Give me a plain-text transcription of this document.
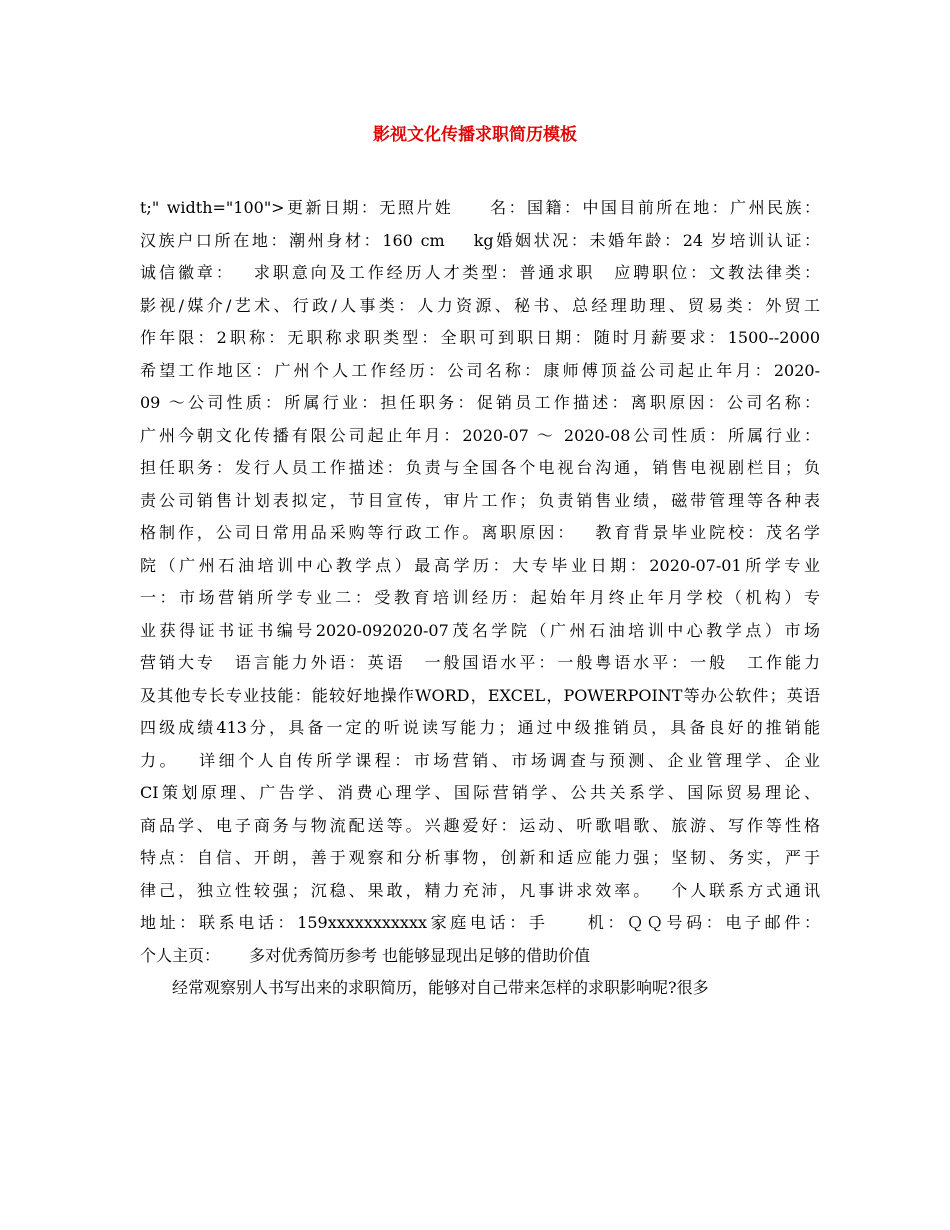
影视文化传播求职简历模板
t;" width="100">更新日期：无照片姓　　名：国籍：中国目前所在地：广州民族：
汉族户口所在地：潮州身材：160 cm　 kg婚姻状况：未婚年龄：24 岁培训认证：
诚信徽章：　 求职意向及工作经历人才类型：普通求职　应聘职位：文教法律类：
影视/媒介/艺术、行政/人事类：人力资源、秘书、总经理助理、贸易类：外贸工
作年限：2职称：无职称求职类型：全职可到职日期：随时月薪要求：1500--2000
希望工作地区：广州个人工作经历：公司名称：康师傅顶益公司起止年月：2020-
09 ～公司性质：所属行业：担任职务：促销员工作描述：离职原因：公司名称：
广州今朝文化传播有限公司起止年月：2020-07 ～ 2020-08公司性质：所属行业：
担任职务：发行人员工作描述：负责与全国各个电视台沟通，销售电视剧栏目；负
责公司销售计划表拟定，节目宣传，审片工作；负责销售业绩，磁带管理等各种表
格制作，公司日常用品采购等行政工作。离职原因：　 教育背景毕业院校：茂名学
院（广州石油培训中心教学点）最高学历：大专毕业日期：2020-07-01所学专业
一：市场营销所学专业二：受教育培训经历：起始年月终止年月学校（机构）专
业获得证书证书编号2020-092020-07茂名学院（广州石油培训中心教学点）市场
营销大专　语言能力外语：英语　一般国语水平：一般粤语水平：一般　工作能力
及其他专长专业技能：能较好地操作WORD，EXCEL，POWERPOINT等办公软件；英语
四级成绩413分，具备一定的听说读写能力；通过中级推销员，具备良好的推销能
力。　 详细个人自传所学课程：市场营销、市场调查与预测、企业管理学、企业
CI策划原理、广告学、消费心理学、国际营销学、公共关系学、国际贸易理论、
商品学、电子商务与物流配送等。兴趣爱好：运动、听歌唱歌、旅游、写作等性格
特点：自信、开朗，善于观察和分析事物，创新和适应能力强；坚韧、务实，严于
律己，独立性较强；沉稳、果敢，精力充沛，凡事讲求效率。　 个人联系方式通讯
地址：联系电话：159xxxxxxxxxxx家庭电话：手　　机：ＱＱ号码：电子邮件：
个人主页：　　 多对优秀简历参考 也能够显现出足够的借助价值
经常观察别人书写出来的求职简历，能够对自己带来怎样的求职影响呢?很多
